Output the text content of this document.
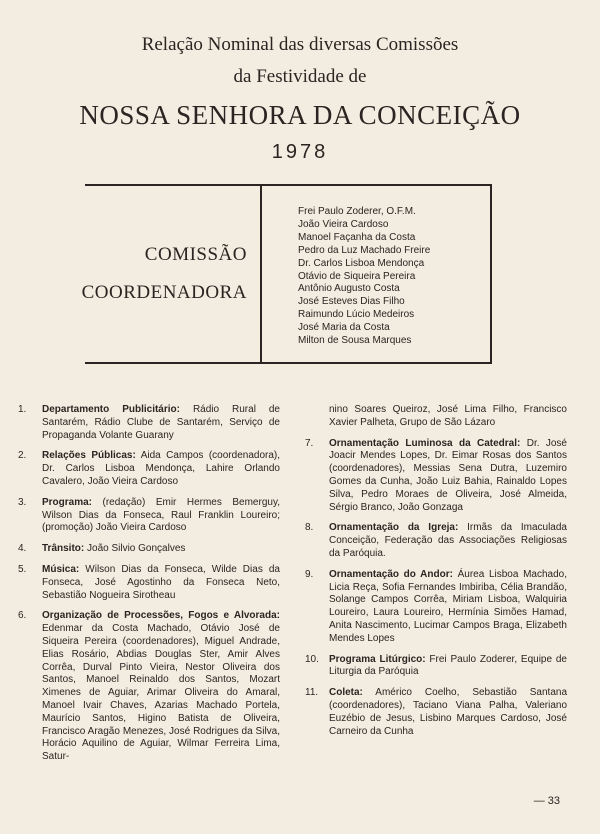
Relação Nominal das diversas Comissões
da Festividade de
NOSSA SENHORA DA CONCEIÇÃO
1978
COMISSÃO
COORDENADORA
Frei Paulo Zoderer, O.F.M.
João Vieira Cardoso
Manoel Façanha da Costa
Pedro da Luz Machado Freire
Dr. Carlos Lisboa Mendonça
Otávio de Siqueira Pereira
Antônio Augusto Costa
José Esteves Dias Filho
Raimundo Lúcio Medeiros
José Maria da Costa
Milton de Sousa Marques
1. Departamento Publicitário: Rádio Rural de Santarém, Rádio Clube de Santarém, Serviço de Propaganda Volante Guarany
2. Relações Públicas: Aida Campos (coordenadora), Dr. Carlos Lisboa Mendonça, Lahire Orlando Cavalero, João Vieira Cardoso
3. Programa: (redação) Emir Hermes Bemerguy, Wilson Dias da Fonseca, Raul Franklin Loureiro; (promoção) João Vieira Cardoso
4. Trânsito: João Silvio Gonçalves
5. Música: Wilson Dias da Fonseca, Wilde Dias da Fonseca, José Agostinho da Fonseca Neto, Sebastião Nogueira Sirotheau
6. Organização de Processões, Fogos e Alvorada: Edenmar da Costa Machado, Otávio José de Siqueira Pereira (coordenadores), Miguel Andrade, Elias Rosário, Abdias Douglas Ster, Amir Alves Corrêa, Durval Pinto Vieira, Nestor Oliveira dos Santos, Manoel Reinaldo dos Santos, Mozart Ximenes de Aguiar, Arimar Oliveira do Amaral, Manoel Ivair Chaves, Azarias Machado Portela, Maurício Santos, Higino Batista de Oliveira, Francisco Aragão Menezes, José Rodrigues da Silva, Horácio Aquilino de Aguiar, Wilmar Ferreira Lima, Satur-
nino Soares Queiroz, José Lima Filho, Francisco Xavier Palheta, Grupo de São Lázaro
7. Ornamentação Luminosa da Catedral: Dr. José Joacir Mendes Lopes, Dr. Eimar Rosas dos Santos (coordenadores), Messias Sena Dutra, Luzemiro Gomes da Cunha, João Luiz Bahia, Rainaldo Lopes Silva, Pedro Moraes de Oliveira, José Almeida, Sérgio Branco, João Gonzaga
8. Ornamentação da Igreja: Irmãs da Imaculada Conceição, Federação das Associações Religiosas da Paróquia.
9. Ornamentação do Andor: Áurea Lisboa Machado, Licia Reça, Sofia Fernandes Imbiriba, Célia Brandão, Solange Campos Corrêa, Miriam Lisboa, Walquiria Loureiro, Laura Loureiro, Hermínia Simões Hamad, Anita Nascimento, Lucimar Campos Braga, Elizabeth Mendes Lopes
10. Programa Litúrgico: Frei Paulo Zoderer, Equipe de Liturgia da Paróquia
11. Coleta: Américo Coelho, Sebastião Santana (coordenadores), Taciano Viana Palha, Valeriano Euzébio de Jesus, Lisbino Marques Cardoso, José Carneiro da Cunha
— 33
